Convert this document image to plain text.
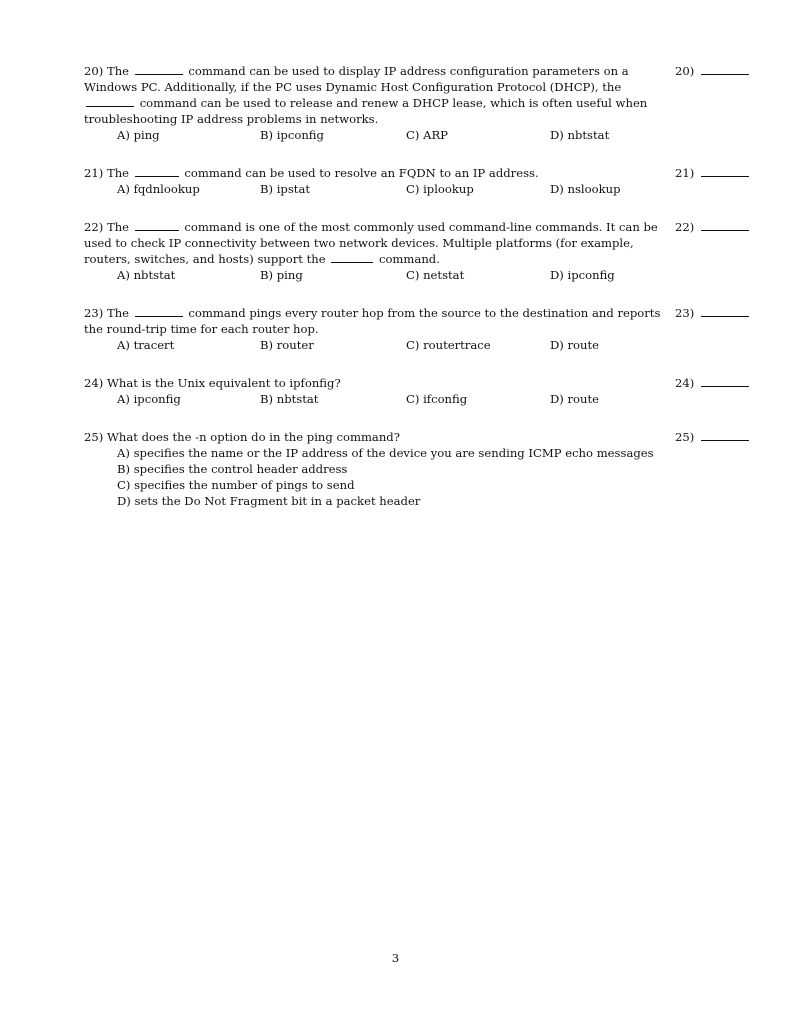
20) The	command can be used to display IP address configuration parameters on a Windows PC. Additionally, if the PC uses Dynamic Host Configuration Protocol (DHCP), the  command can be used to release and renew a DHCP lease, which is often useful when troubleshooting IP address problems in networks.
A) ping	B) ipconfig	C) ARP	D) nbtstat
20)
21) The	command can be used to resolve an FQDN to an IP address.
A) fqdnlookup	B) ipstat	C) iplookup	D) nslookup
21)
22) The	command is one of the most commonly used command-line commands. It can be used to check IP connectivity between two network devices. Multiple platforms (for example, routers, switches, and hosts) support the	command.
A) nbtstat	B) ping	C) netstat	D) ipconfig
22)
23) The	command pings every router hop from the source to the destination and reports the round-trip time for each router hop.
A) tracert	B) router	C) routertrace	D) route
23)
24) What is the Unix equivalent to ipfonfig?
A) ipconfig	B) nbtstat	C) ifconfig	D) route
24)
25) What does the -n option do in the ping command?
A) specifies the name or the IP address of the device you are sending ICMP echo messages
B) specifies the control header address
C) specifies the number of pings to send
D) sets the Do Not Fragment bit in a packet header
25)
3
